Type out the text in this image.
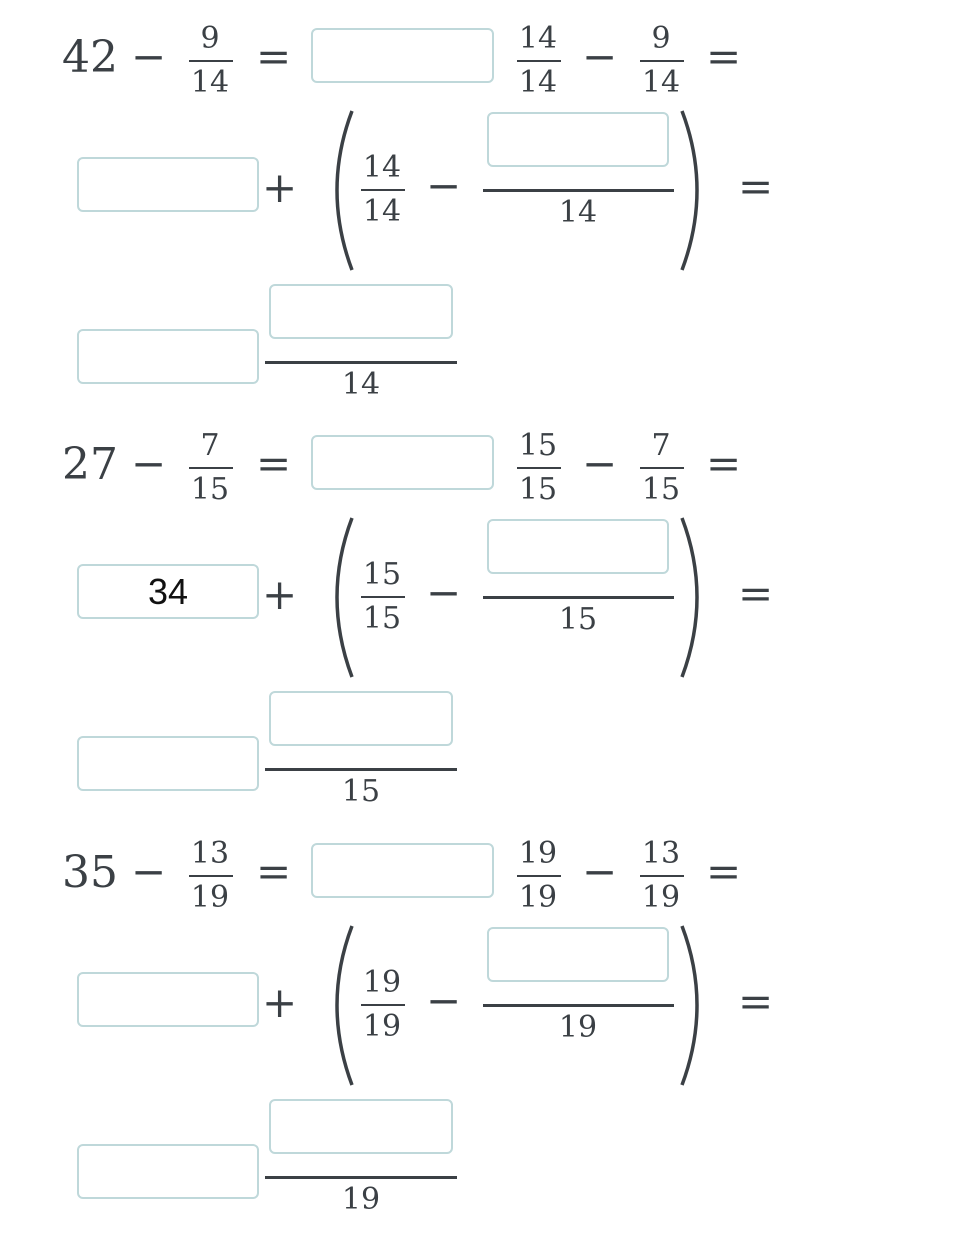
42 −	9
14
=	14
14
−	9
14
=
+ 14
14
−
14
=
14
27 −	7
15
=	15
15
−	7
15
=
34
+ 15
15
−
15
=
15
35 − 13
19
=	19
19
− 13
19
=
+ 19
19
−
19
=
19
